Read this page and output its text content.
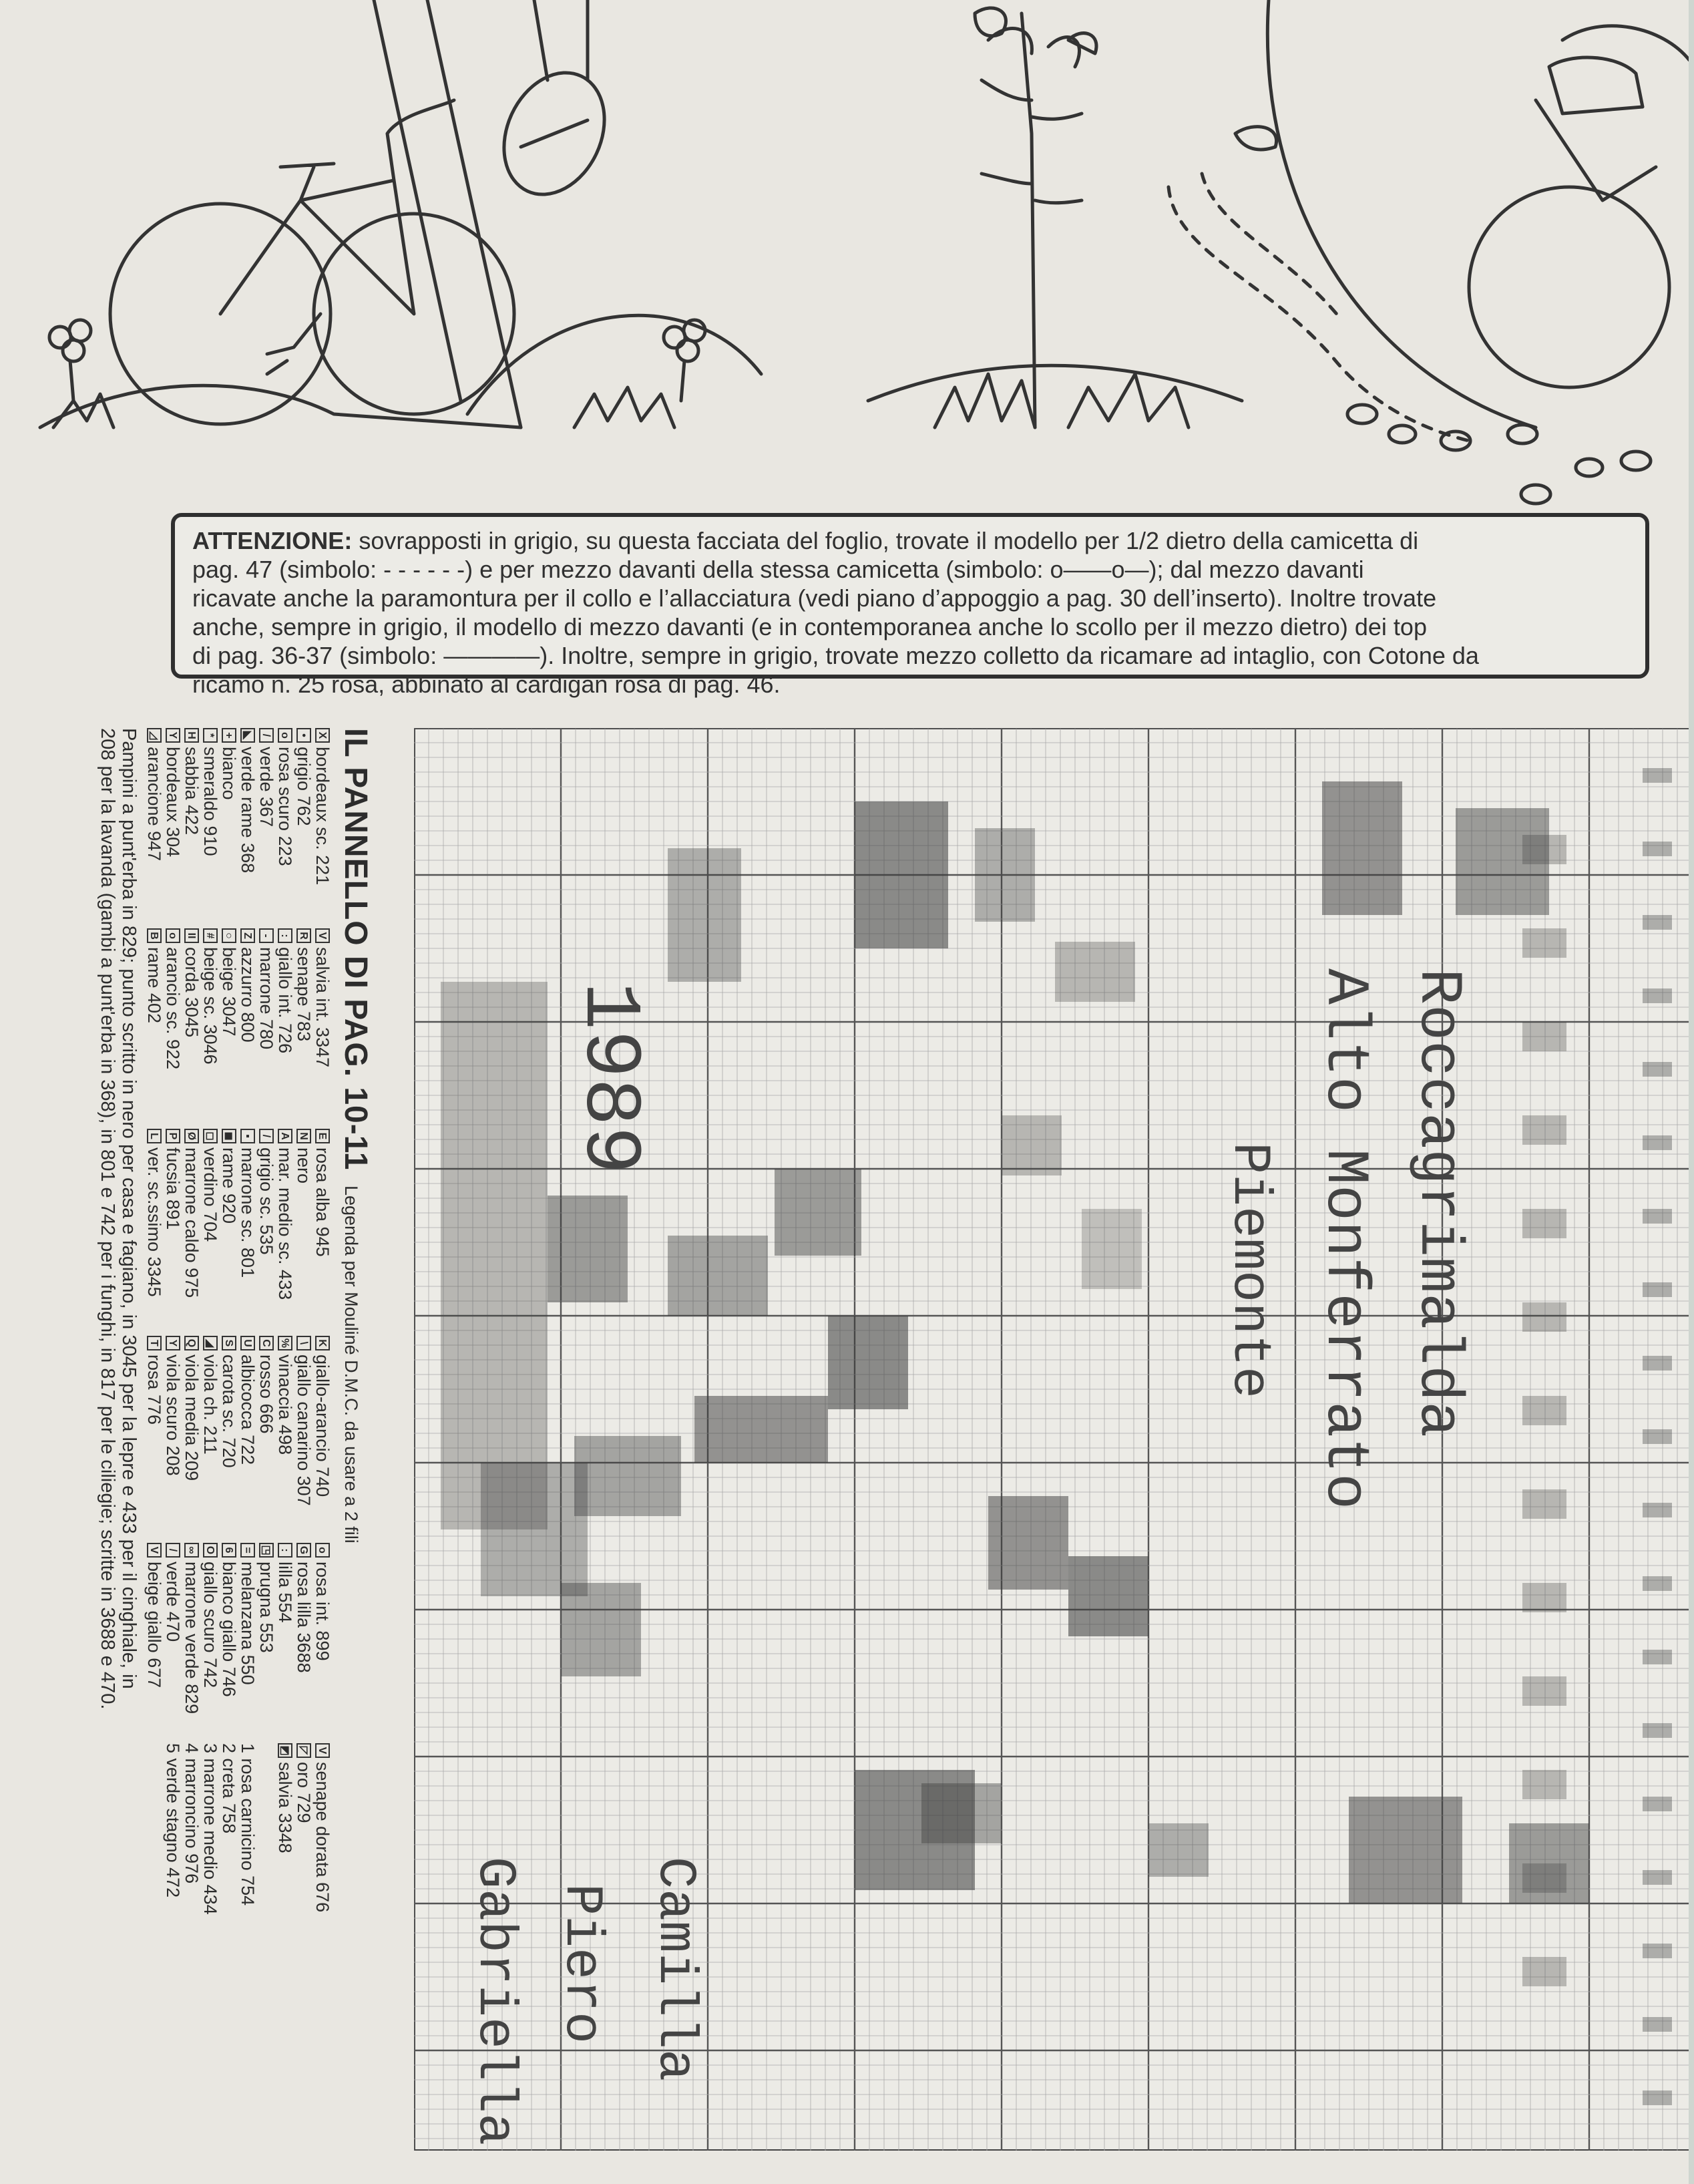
ATTENZIONE: sovrapposti in grigio, su questa facciata del foglio, trovate il modello per 1/2 dietro della camicetta di
pag. 47 (simbolo: - - - - - -) e per mezzo davanti della stessa camicetta (simbolo: o——o—); dal mezzo davanti
ricavate anche la paramontura per il collo e l’allacciatura (vedi piano d’appoggio a pag. 30 dell’inserto). Inoltre trovate
anche, sempre in grigio, il modello di mezzo davanti (e in contemporanea anche lo scollo per il mezzo dietro) dei top
di pag. 36-37 (simbolo: ————). Inoltre, sempre in grigio, trovate mezzo colletto da ricamare ad intaglio, con Cotone da
ricamo n. 25 rosa, abbinato al cardigan rosa di pag. 46.
IL PANNELLO DI PAG. 10-11 Legenda per Mouliné D.M.C. da usare a 2 fili
X
bordeaux sc. 221
•
grigio 762
o
rosa scuro 223
/
verde 367
◣
verde rame 368
+
bianco
*
smeraldo 910
H
sabbia 422
Y
bordeaux 304
◿
arancione 947
V
salvia int. 3347
R
senape 783
:
giallo int. 726
-
marrone 780
Z
azzurro 800
○
beige 3047
#
beige sc. 3046
II
corda 3045
o
arancio sc. 922
B
rame 402
E
rosa alba 945
N
nero
A
mar. medio sc. 433
/
grigio sc. 535
▪
marrone sc. 801
◼
rame 920
◻
verdino 704
Ø
marrone caldo 975
P
fucsia 891
L
ver. sc.ssimo 3345
K
giallo-arancio 740
\
giallo canarino 307
%
vinaccia 498
C
rosso 666
U
albicocca 722
S
carota sc. 720
◢
viola ch. 211
Q
viola media 209
Y
viola scuro 208
T
rosa 776
o
rosa int. 899
G
rosa lilla 3688
:
lilla 554
◳
prugna 553
=
melanzana 550
6
bianco giallo 746
O
giallo scuro 742
∞
marrone verde 829
/
verde 470
V
beige giallo 677
V
senape dorata 676
◸
oro 729
◩
salvia 3348

1 rosa carnicino 754
2 creta 758
3 marrone medio 434
4 marroncino 976
5 verde stagno 472
Pampini a punt'erba in 829; punto scritto in nero per casa e fagiano, in 3045 per la lepre e 433 per il cinghiale, in
208 per la lavanda (gambi a punt'erba in 368), in 801 e 742 per i funghi, in 817 per le ciliegie; scritte in 3688 e 470.	1989	Roccagrimalda
Alto Monferrato
Piemonte
Camilla
Piero
Gabriella
